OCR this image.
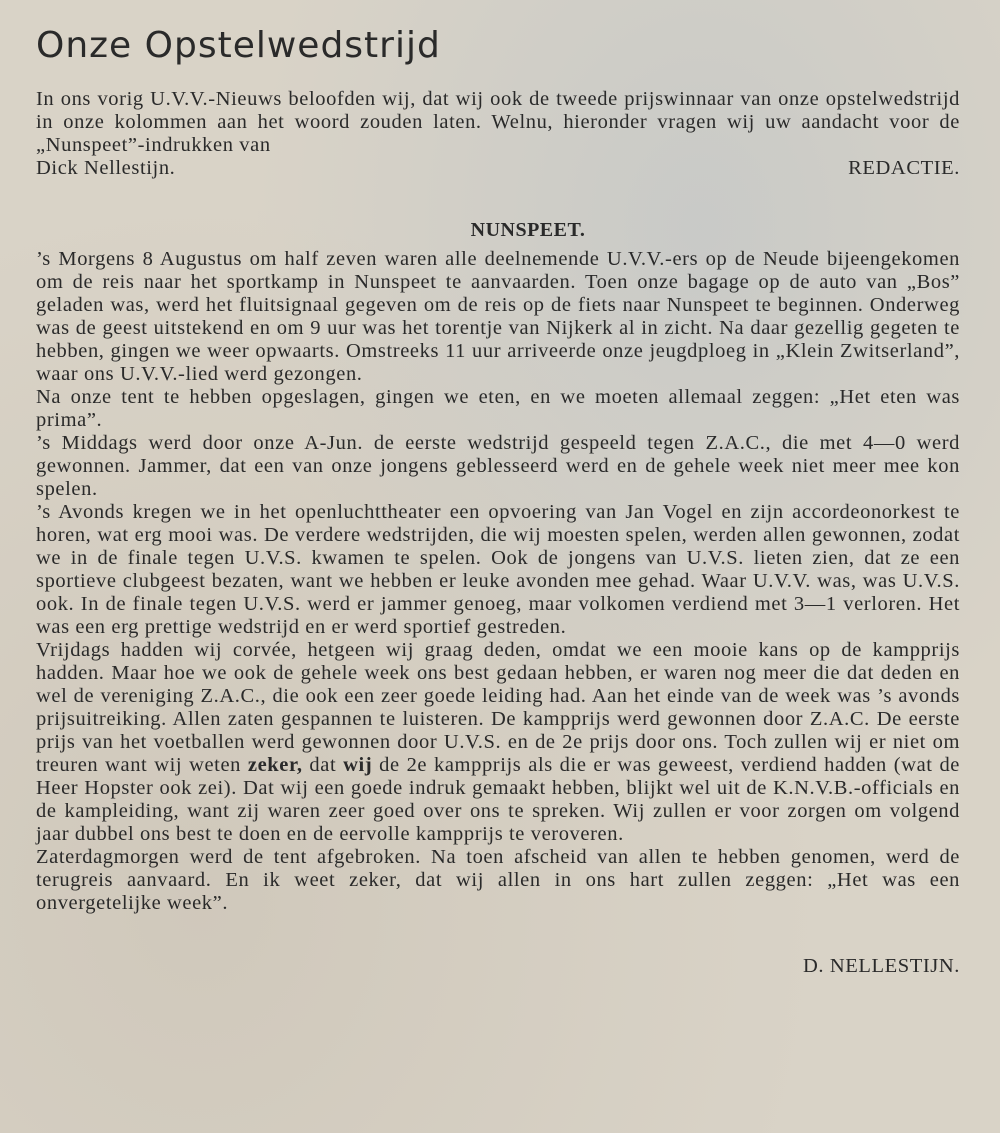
Onze Opstelwedstrijd

In ons vorig U.V.V.-Nieuws beloofden wij, dat wij ook de tweede prijswinnaar van onze opstelwedstrijd in onze kolommen aan het woord zouden laten. Welnu, hieronder vragen wij uw aandacht voor de „Nunspeet”-indrukken van

Dick Nellestijn.	REDACTIE.
NUNSPEET.

’s Morgens 8 Augustus om half zeven waren alle deelnemende U.V.V.-ers op de Neude bijeengekomen om de reis naar het sportkamp in Nunspeet te aanvaarden. Toen onze bagage op de auto van „Bos” geladen was, werd het fluitsignaal gegeven om de reis op de fiets naar Nunspeet te beginnen. Onderweg was de geest uitstekend en om 9 uur was het torentje van Nijkerk al in zicht. Na daar gezellig gegeten te hebben, gingen we weer opwaarts. Omstreeks 11 uur arriveerde onze jeugdploeg in „Klein Zwitserland”, waar ons U.V.V.-lied werd gezongen.

Na onze tent te hebben opgeslagen, gingen we eten, en we moeten allemaal zeggen: „Het eten was prima”.

’s Middags werd door onze A-Jun. de eerste wedstrijd gespeeld tegen Z.A.C., die met 4—0 werd gewonnen. Jammer, dat een van onze jongens geblesseerd werd en de gehele week niet meer mee kon spelen.

’s Avonds kregen we in het openluchttheater een opvoering van Jan Vogel en zijn accordeonorkest te horen, wat erg mooi was. De verdere wedstrijden, die wij moesten spelen, werden allen gewonnen, zodat we in de finale tegen U.V.S. kwamen te spelen. Ook de jongens van U.V.S. lieten zien, dat ze een sportieve clubgeest bezaten, want we hebben er leuke avonden mee gehad. Waar U.V.V. was, was U.V.S. ook. In de finale tegen U.V.S. werd er jammer genoeg, maar volkomen verdiend met 3—1 verloren. Het was een erg prettige wedstrijd en er werd sportief gestreden.

Vrijdags hadden wij corvée, hetgeen wij graag deden, omdat we een mooie kans op de kampprijs hadden. Maar hoe we ook de gehele week ons best gedaan hebben, er waren nog meer die dat deden en wel de vereniging Z.A.C., die ook een zeer goede leiding had. Aan het einde van de week was ’s avonds prijsuitreiking. Allen zaten gespannen te luisteren. De kampprijs werd gewonnen door Z.A.C. De eerste prijs van het voetballen werd gewonnen door U.V.S. en de 2e prijs door ons. Toch zullen wij er niet om treuren want wij weten zeker, dat wij de 2e kampprijs als die er was geweest, verdiend hadden (wat de Heer Hopster ook zei). Dat wij een goede indruk gemaakt hebben, blijkt wel uit de K.N.V.B.-officials en de kampleiding, want zij waren zeer goed over ons te spreken. Wij zullen er voor zorgen om volgend jaar dubbel ons best te doen en de eervolle kampprijs te veroveren.

Zaterdagmorgen werd de tent afgebroken. Na toen afscheid van allen te hebben genomen, werd de terugreis aanvaard. En ik weet zeker, dat wij allen in ons hart zullen zeggen: „Het was een onvergetelijke week”.

D. NELLESTIJN.
